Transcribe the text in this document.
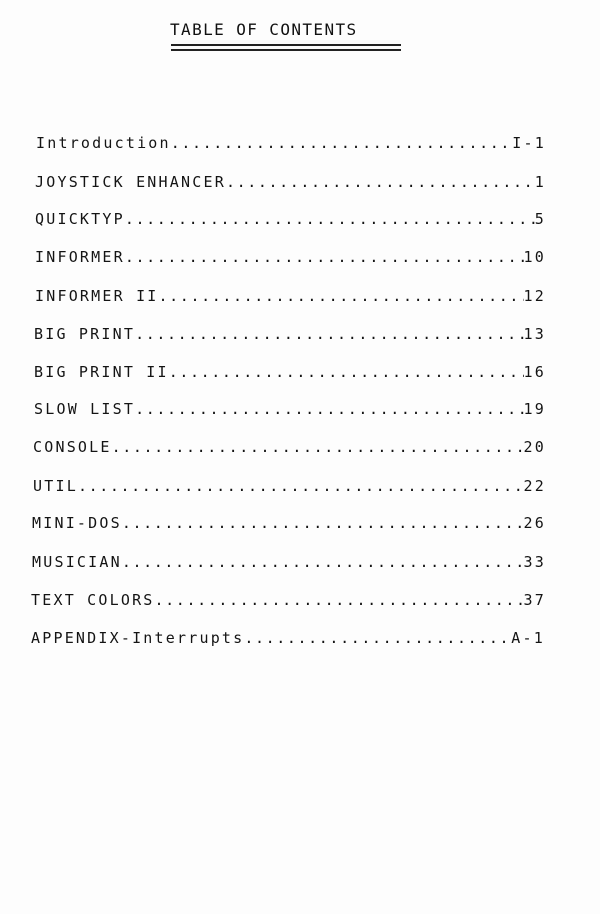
TABLE OF CONTENTS
Introduction .....	I-1
JOYSTICK ENHANCER .....	1
QUICKTYP .....	5
INFORMER .....	10
INFORMER II .....	12
BIG PRINT .....	13
BIG PRINT II .....	16
SLOW LIST .....	19
CONSOLE .....	20
UTIL .....	22
MINI-DOS .....	26
MUSICIAN .....	33
TEXT COLORS .....	37
APPENDIX-Interrupts .....	A-1
